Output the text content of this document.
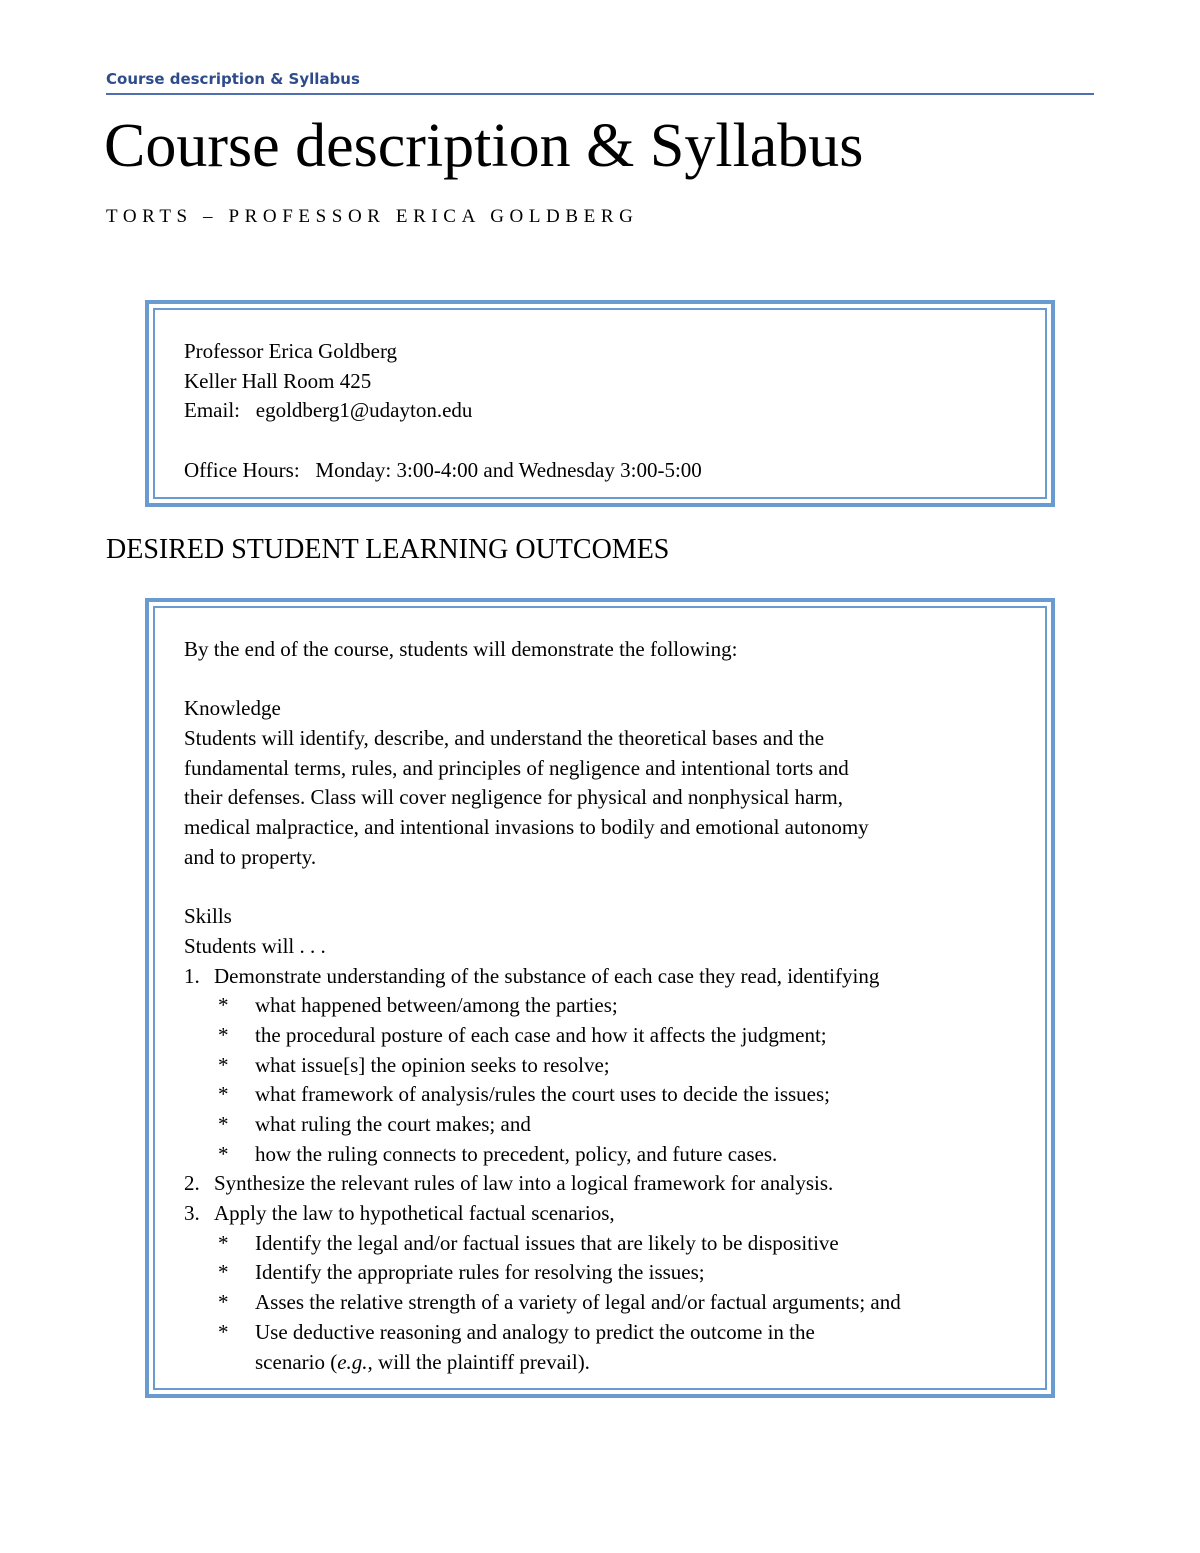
Course description & Syllabus
Course description & Syllabus
TORTS – PROFESSOR ERICA GOLDBERG
Professor Erica Goldberg
Keller Hall Room 425
Email: egoldberg1@udayton.edu
Office Hours: Monday: 3:00-4:00 and Wednesday 3:00-5:00
DESIRED STUDENT LEARNING OUTCOMES
By the end of the course, students will demonstrate the following:
Knowledge
Students will identify, describe, and understand the theoretical bases and the
fundamental terms, rules, and principles of negligence and intentional torts and
their defenses. Class will cover negligence for physical and nonphysical harm,
medical malpractice, and intentional invasions to bodily and emotional autonomy
and to property.
Skills
Students will . . .
1. Demonstrate understanding of the substance of each case they read, identifying
*	what happened between/among the parties;
*	the procedural posture of each case and how it affects the judgment;
*	what issue[s] the opinion seeks to resolve;
*	what framework of analysis/rules the court uses to decide the issues;
*	what ruling the court makes; and
*	how the ruling connects to precedent, policy, and future cases.
2. Synthesize the relevant rules of law into a logical framework for analysis.
3. Apply the law to hypothetical factual scenarios,
*	Identify the legal and/or factual issues that are likely to be dispositive
*	Identify the appropriate rules for resolving the issues;
*	Asses the relative strength of a variety of legal and/or factual arguments; and
*	Use deductive reasoning and analogy to predict the outcome in the
scenario (e.g., will the plaintiff prevail).
